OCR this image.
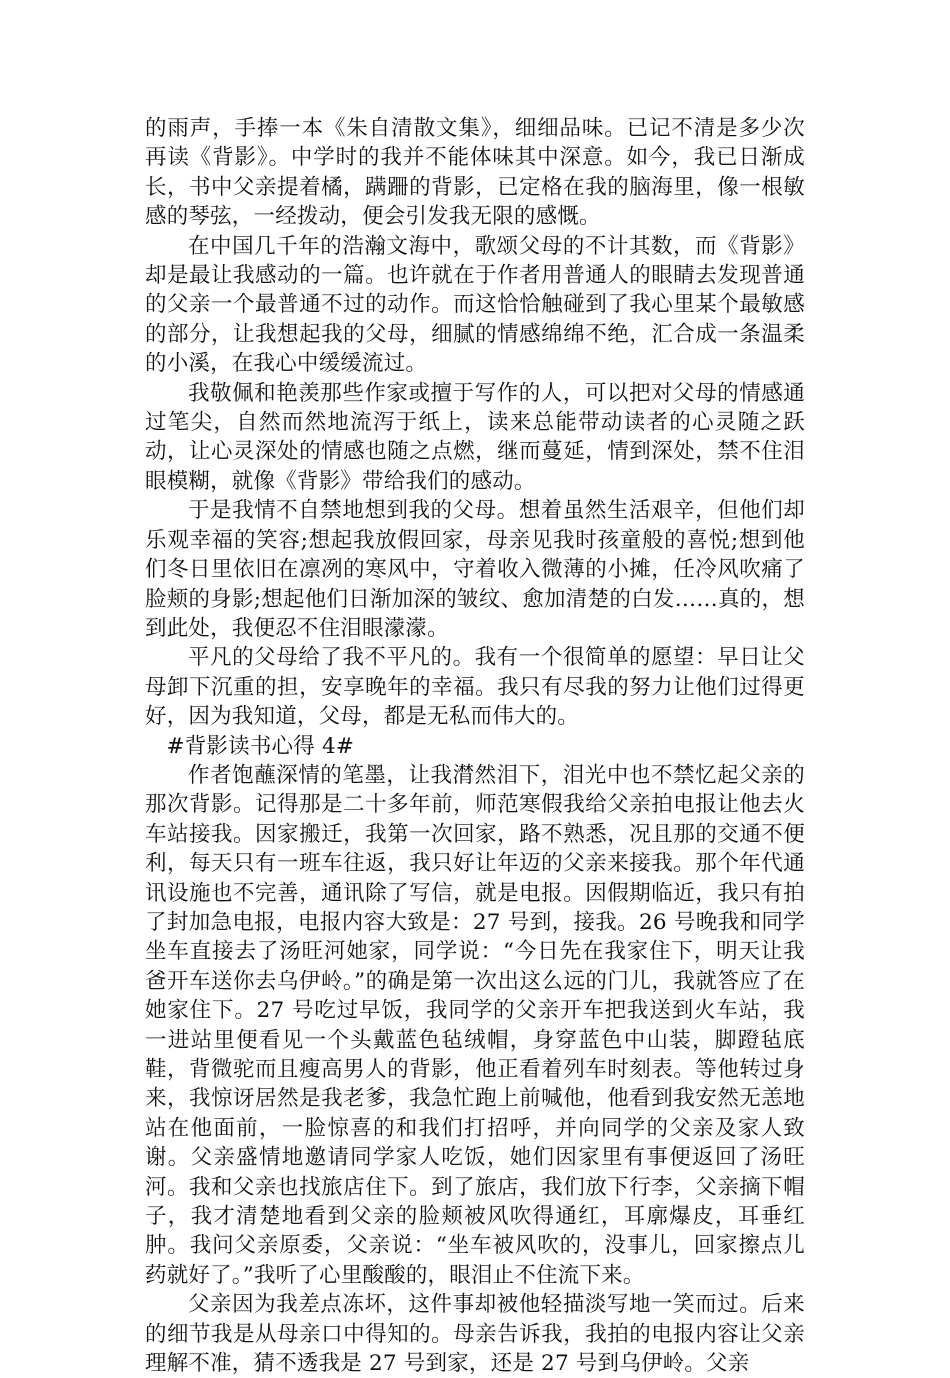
的雨声，手捧一本《朱自清散文集》，细细品味。已记不清是多少次再读《背影》。中学时的我并不能体味其中深意。如今，我已日渐成长，书中父亲提着橘，蹒跚的背影，已定格在我的脑海里，像一根敏感的琴弦，一经拨动，便会引发我无限的感慨。

在中国几千年的浩瀚文海中，歌颂父母的不计其数，而《背影》却是最让我感动的一篇。也许就在于作者用普通人的眼睛去发现普通的父亲一个最普通不过的动作。而这恰恰触碰到了我心里某个最敏感的部分，让我想起我的父母，细腻的情感绵绵不绝，汇合成一条温柔的小溪，在我心中缓缓流过。

我敬佩和艳羡那些作家或擅于写作的人，可以把对父母的情感通过笔尖，自然而然地流泻于纸上，读来总能带动读者的心灵随之跃动，让心灵深处的情感也随之点燃，继而蔓延，情到深处，禁不住泪眼模糊，就像《背影》带给我们的感动。

于是我情不自禁地想到我的父母。想着虽然生活艰辛，但他们却乐观幸福的笑容;想起我放假回家，母亲见我时孩童般的喜悦;想到他们冬日里依旧在凛冽的寒风中，守着收入微薄的小摊，任冷风吹痛了脸颊的身影;想起他们日渐加深的皱纹、愈加清楚的白发……真的，想到此处，我便忍不住泪眼濛濛。

平凡的父母给了我不平凡的。我有一个很简单的愿望：早日让父母卸下沉重的担，安享晚年的幸福。我只有尽我的努力让他们过得更好，因为我知道，父母，都是无私而伟大的。

#背影读书心得 4#

作者饱蘸深情的笔墨，让我潸然泪下，泪光中也不禁忆起父亲的那次背影。记得那是二十多年前，师范寒假我给父亲拍电报让他去火车站接我。因家搬迁，我第一次回家，路不熟悉，况且那的交通不便利，每天只有一班车往返，我只好让年迈的父亲来接我。那个年代通讯设施也不完善，通讯除了写信，就是电报。因假期临近，我只有拍了封加急电报，电报内容大致是：27 号到，接我。26 号晚我和同学坐车直接去了汤旺河她家，同学说：“今日先在我家住下，明天让我爸开车送你去乌伊岭。”的确是第一次出这么远的门儿，我就答应了在她家住下。27 号吃过早饭，我同学的父亲开车把我送到火车站，我一进站里便看见一个头戴蓝色毡绒帽，身穿蓝色中山装，脚蹬毡底鞋，背微驼而且瘦高男人的背影，他正看着列车时刻表。等他转过身来，我惊讶居然是我老爹，我急忙跑上前喊他，他看到我安然无恙地站在他面前，一脸惊喜的和我们打招呼，并向同学的父亲及家人致谢。父亲盛情地邀请同学家人吃饭，她们因家里有事便返回了汤旺河。我和父亲也找旅店住下。到了旅店，我们放下行李，父亲摘下帽子，我才清楚地看到父亲的脸颊被风吹得通红，耳廓爆皮，耳垂红肿。我问父亲原委，父亲说：“坐车被风吹的，没事儿，回家擦点儿药就好了。”我听了心里酸酸的，眼泪止不住流下来。

父亲因为我差点冻坏，这件事却被他轻描淡写地一笑而过。后来的细节我是从母亲口中得知的。母亲告诉我，我拍的电报内容让父亲理解不准，猜不透我是 27 号到家，还是 27 号到乌伊岭。父亲
